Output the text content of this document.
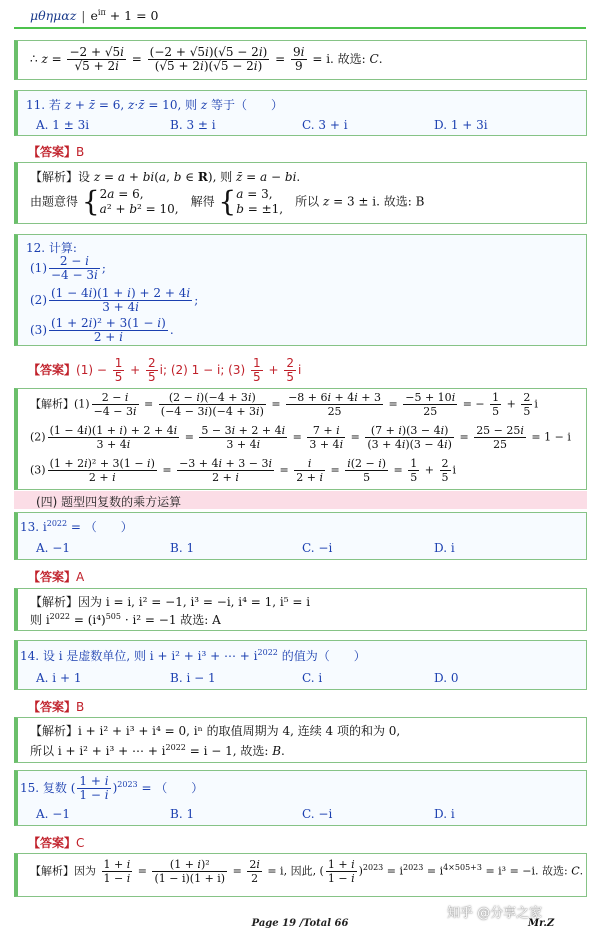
μθημαz | $e^{i\pi} + 1 = 0$
∴ $z = \frac{-2 + √5i}{√5 + 2i} = \frac{(-2 + √5i)(√5 - 2i)}{(√5 + 2i)(√5 - 2i)} = \frac{9i}{9} = i$. 故选: C.
11. 若 z + z̄ = 6, z·z̄ = 10, 则 z 等于（　　）
A. 1 ± 3i	B. 3 ± i	C. 3 + i	D. 1 + 3i
【答案】B
【解析】设 z = a + bi(a, b ∈ R), 则 z̄ = a − bi.
由题意得 {2a = 6,
a² + b² = 10,　解得 {a = 3,
b = ±1,　所以 z = 3 ± i. 故选: B
12. 计算:
$(1) \frac{2 - i}{-4 - 3i}$ ;
$(2) \frac{(1 - 4i)(1 + i) + 2 + 4i}{3 + 4i}$ ;
$(3) \frac{\text{(1 + 2i)² + 3(1 − i)}}{2 + i}$ .
【答案】$(1) - \frac{1}{5} + \frac{2}{5} i$; (2) 1 − i; $(3) \frac{1}{5} + \frac{2}{5}$ i
【解析】$(1) \frac{2 - i}{-4 - 3i} = \frac{(2 - i)(-4 + 3i)}{(-4 - 3i)(-4 + 3i)} = \frac{-8 + 6i + 4i + 3}{25} = \frac{-5 + 10i}{25}$ = − $\frac{1}{5} + \frac{2}{5}$ i
$(2) \frac{(1 - 4i)(1 + i) + 2 + 4i}{3 + 4i} = \frac{5 - 3i + 2 + 4i}{3 + 4i} = \frac{7 + i}{3 + 4i} = \frac{(7 + i)(3 - 4i)}{(3 + 4i)(3 - 4i)} = \frac{25 - 25i}{25} = 1 - i$
$(3) \frac{\text{(1 + 2i)² + 3(1 − i)}}{2 + i} = \frac{-3 + 4i + 3 - 3i}{2 + i} = \frac{i}{2 + i} = \frac{i(2 - i)}{5} = \frac{1}{5} + \frac{2}{5}$ i
(四) 题型四复数的乘方运算
13. $i^{2022}$ = （　　）
A. −1	B. 1	C. −i	D. i
【答案】A
【解析】因为 i = i, i² = −1, i³ = −i, i⁴ = 1, i⁵ = i
则 $i^{2022} = (i^4)^{505} \cdot i^2 = -1$ 故选: A
14. 设 i 是虚数单位, 则 i + i² + i³ + ⋯ + $i^{2022}$ 的值为（　　）
A. i + 1	B. i − 1	C. i	D. 0
【答案】B
【解析】i + i² + i³ + i⁴ = 0, iⁿ 的取值周期为 4, 连续 4 项的和为 0,
所以 i + i² + i³ + ⋯ + $i^{2022} = i - 1$, 故选: B.
15. 复数 ( $\frac{1 + i}{1 - i} )^{2023}$ = （　　）
A. −1	B. 1	C. −i	D. i
【答案】C
【解析】因为 $\frac{1 + i}{1 - i} = \frac{\text{(1 + i)²}}{(1 - i)(1 + i)} = \frac{2i}{2} = i$, 因此, ( $\frac{1 + i}{1 - i} )^{2023} = i^{2023} = i^{4\times 505+3} = i^3 = -i$. 故选: C.
Page 19 /Total 66	Mr.Z
知乎 @分享之家
